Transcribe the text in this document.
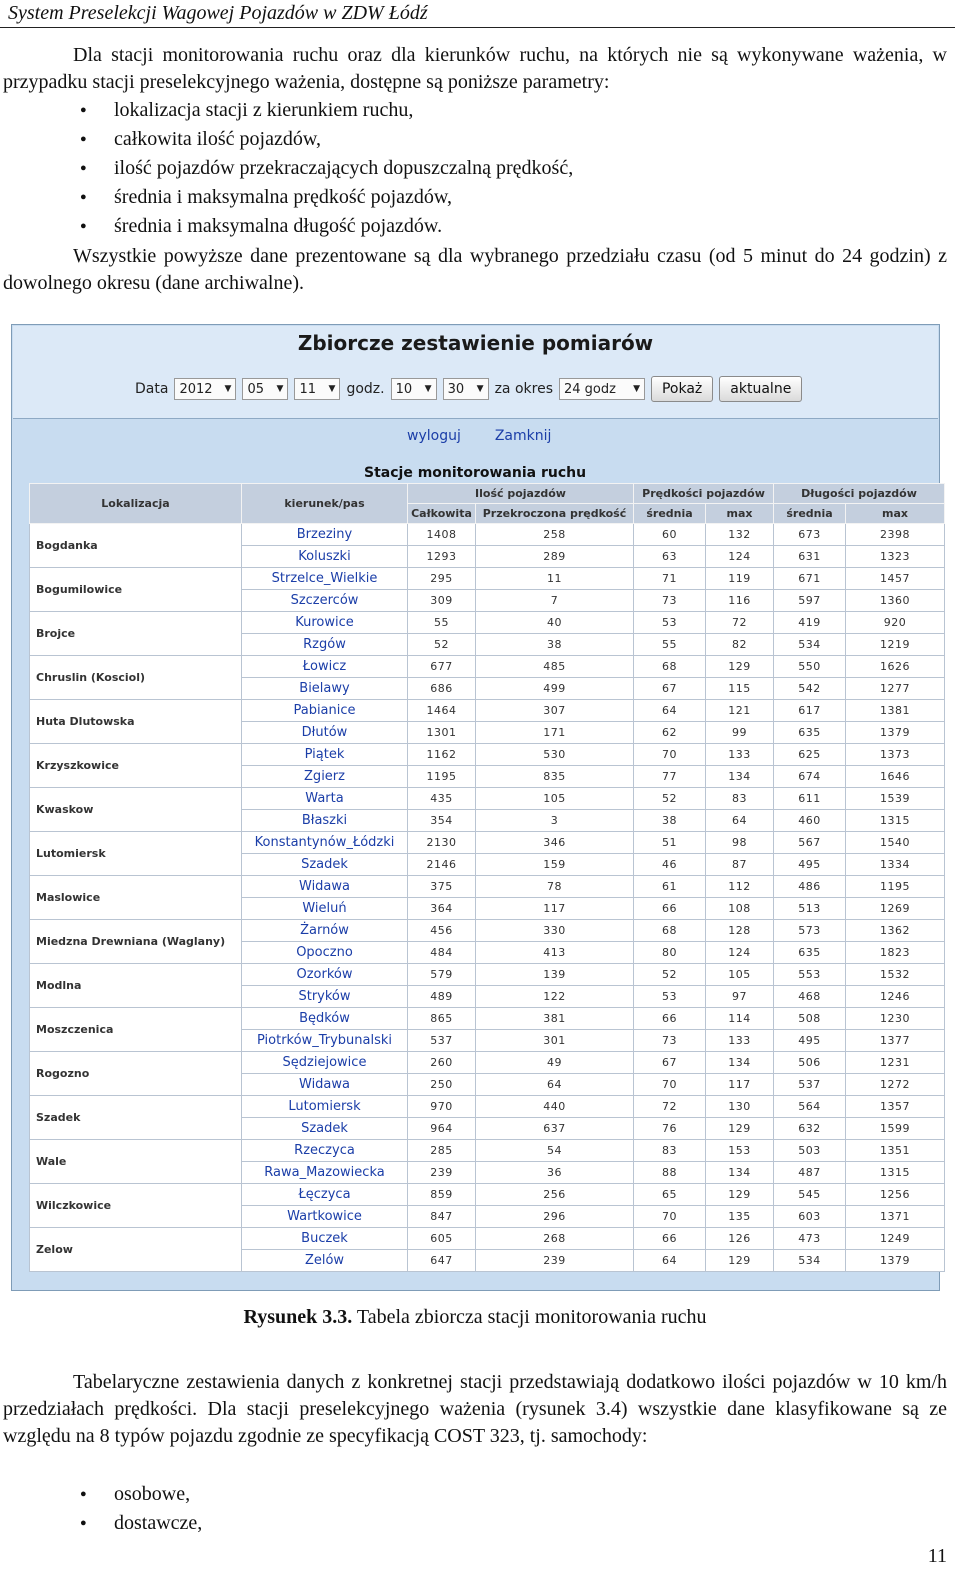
System Preselekcji Wagowej Pojazdów w ZDW Łódź
Dla stacji monitorowania ruchu oraz dla kierunków ruchu, na których nie są wykonywane ważenia, w przypadku stacji preselekcyjnego ważenia, dostępne są poniższe parametry:
● lokalizacja stacji z kierunkiem ruchu,
● całkowita ilość pojazdów,
● ilość pojazdów przekraczających dopuszczalną prędkość,
● średnia i maksymalna prędkość pojazdów,
● średnia i maksymalna długość pojazdów.
Wszystkie powyższe dane prezentowane są dla wybranego przedziału czasu (od 5 minut do 24 godzin) z dowolnego okresu (dane archiwalne).
Zbiorcze zestawienie pomiarów
Data 2012 ▼ 05 ▼ 11 ▼ godz. 10 ▼ 30 ▼ za okres 24 godz ▼	Pokaż	aktualne
wyloguj Zamknij
Stacje monitorowania ruchu
Lokalizacja	kierunek/pas	Ilość pojazdów		Prędkości pojazdów		Długości pojazdów	
		Całkowita	Przekroczona prędkość	średnia	max	średnia	max
Bogdanka	Brzeziny	1408	258	60	132	673	2398
	Koluszki	1293	289	63	124	631	1323
Bogumilowice	Strzelce_Wielkie	295	11	71	119	671	1457
	Szczerców	309	7	73	116	597	1360
Brojce	Kurowice	55	40	53	72	419	920
	Rzgów	52	38	55	82	534	1219
Chruslin (Kosciol)	Łowicz	677	485	68	129	550	1626
	Bielawy	686	499	67	115	542	1277
Huta Dlutowska	Pabianice	1464	307	64	121	617	1381
	Dłutów	1301	171	62	99	635	1379
Krzyszkowice	Piątek	1162	530	70	133	625	1373
	Zgierz	1195	835	77	134	674	1646
Kwaskow	Warta	435	105	52	83	611	1539
	Błaszki	354	3	38	64	460	1315
Lutomiersk	Konstantynów_Łódzki	2130	346	51	98	567	1540
	Szadek	2146	159	46	87	495	1334
Maslowice	Widawa	375	78	61	112	486	1195
	Wieluń	364	117	66	108	513	1269
Miedzna Drewniana (Waglany)	Żarnów	456	330	68	128	573	1362
	Opoczno	484	413	80	124	635	1823
Modlna	Ozorków	579	139	52	105	553	1532
	Stryków	489	122	53	97	468	1246
Moszczenica	Będków	865	381	66	114	508	1230
	Piotrków_Trybunalski	537	301	73	133	495	1377
Rogozno	Sędziejowice	260	49	67	134	506	1231
	Widawa	250	64	70	117	537	1272
Szadek	Lutomiersk	970	440	72	130	564	1357
	Szadek	964	637	76	129	632	1599
Wale	Rzeczyca	285	54	83	153	503	1351
	Rawa_Mazowiecka	239	36	88	134	487	1315
Wilczkowice	Łęczyca	859	256	65	129	545	1256
	Wartkowice	847	296	70	135	603	1371
Zelow	Buczek	605	268	66	126	473	1249
	Zelów	647	239	64	129	534	1379
Rysunek 3.3. Tabela zbiorcza stacji monitorowania ruchu
Tabelaryczne zestawienia danych z konkretnej stacji przedstawiają dodatkowo ilości pojazdów w 10 km/h przedziałach prędkości. Dla stacji preselekcyjnego ważenia (rysunek 3.4) wszystkie dane klasyfikowane są ze względu na 8 typów pojazdu zgodnie ze specyfikacją COST 323, tj. samochody:
● osobowe,
● dostawcze,
11
